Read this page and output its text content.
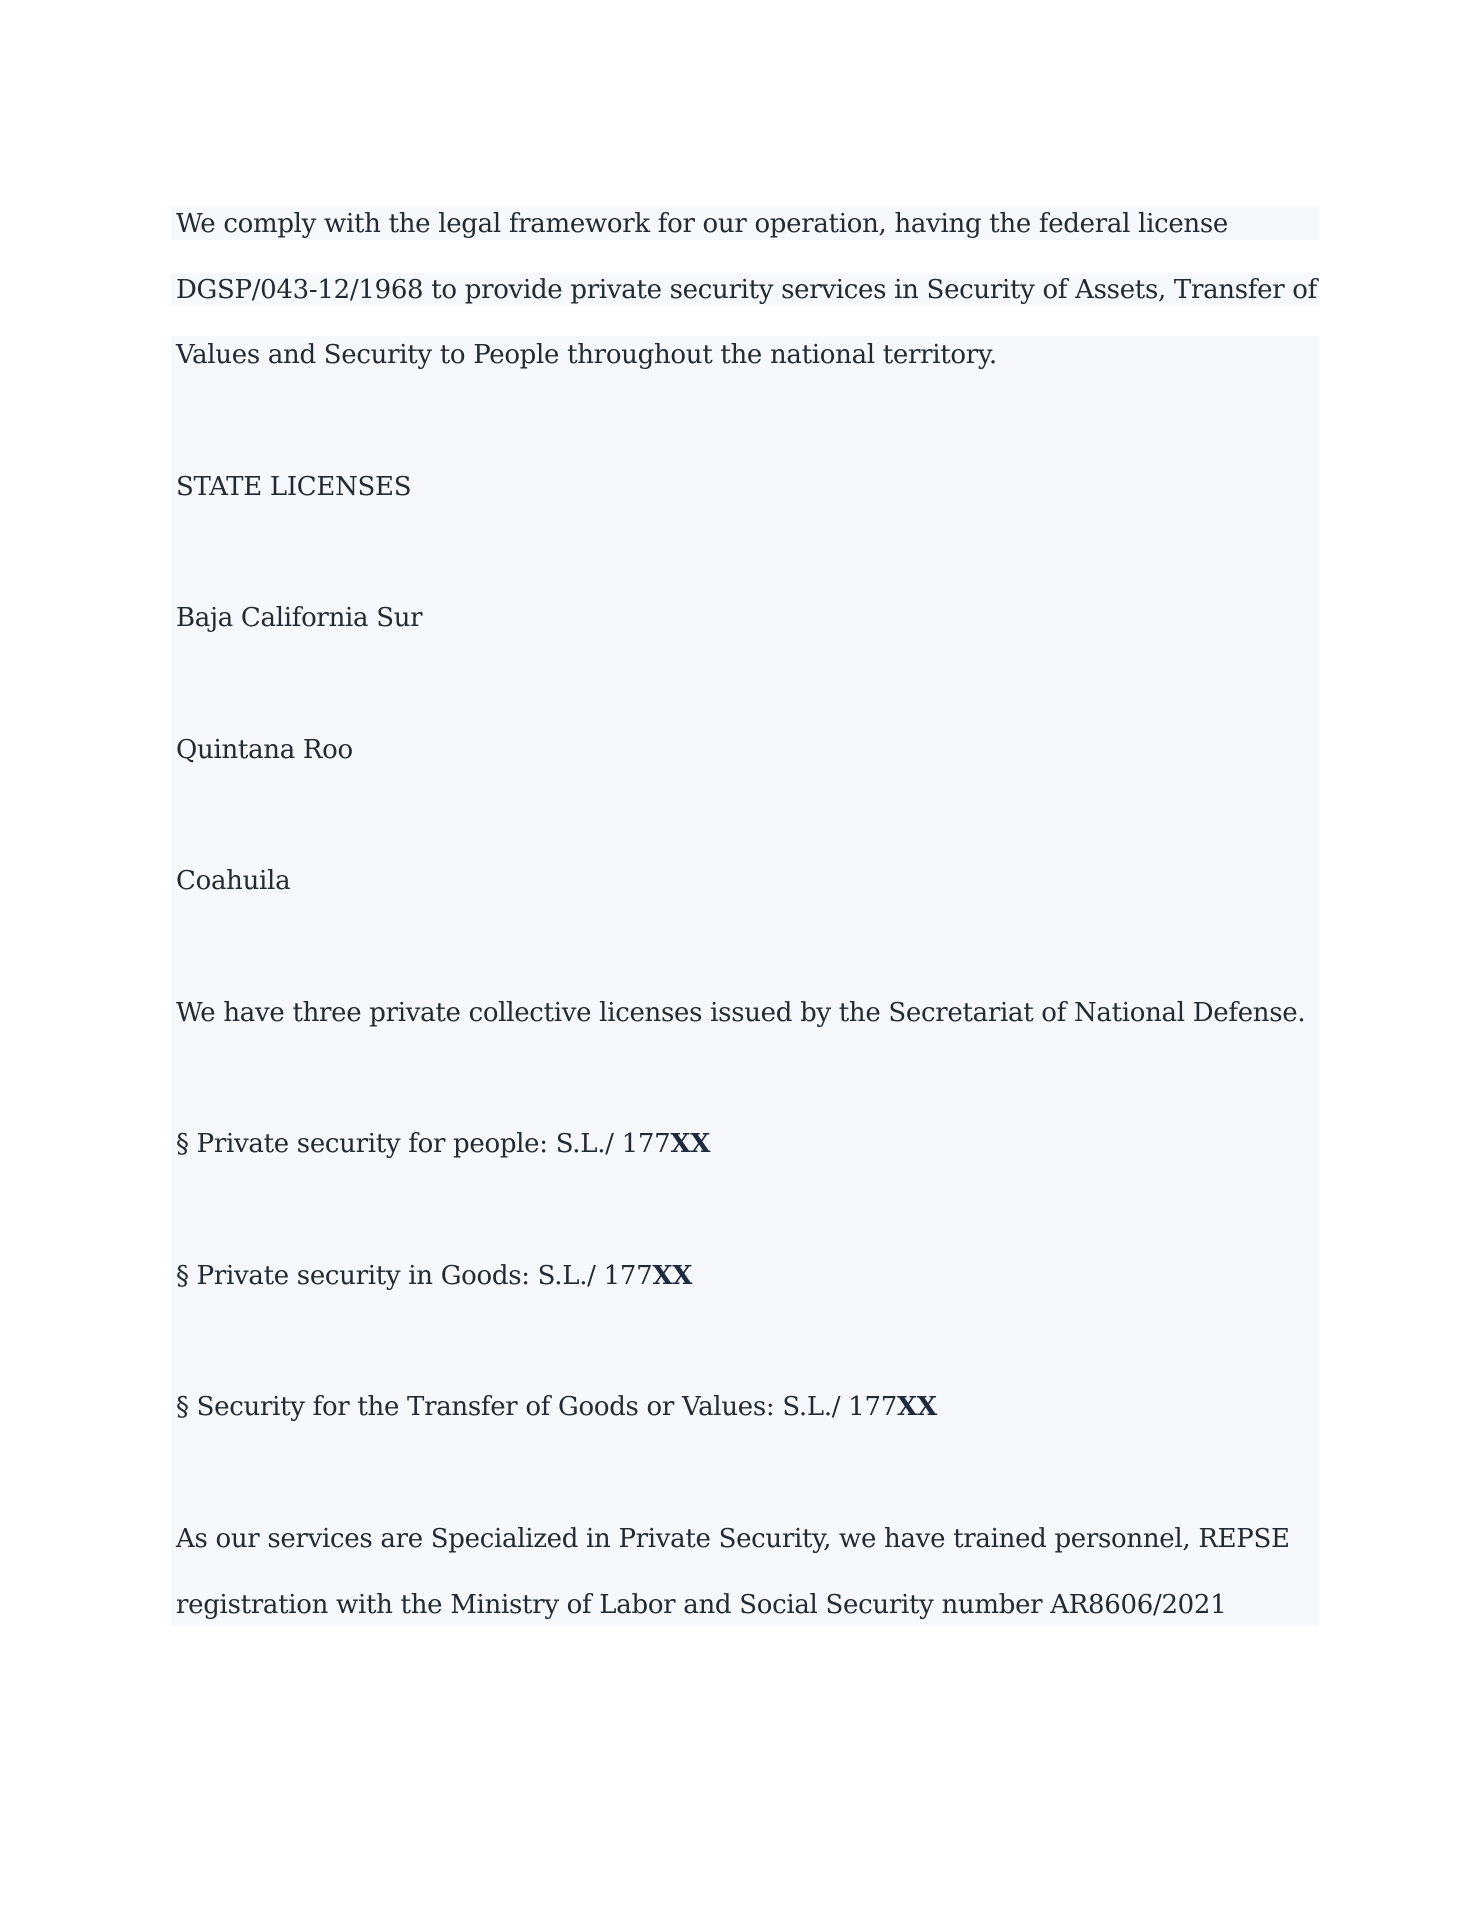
We comply with the legal framework for our operation, having the federal license
DGSP/043-12/1968 to provide private security services in Security of Assets, Transfer of
Values and Security to People throughout the national territory.
STATE LICENSES
Baja California Sur
Quintana Roo
Coahuila
We have three private collective licenses issued by the Secretariat of National Defense.
§ Private security for people: S.L./ 177XX
§ Private security in Goods: S.L./ 177XX
§ Security for the Transfer of Goods or Values: S.L./ 177XX
As our services are Specialized in Private Security, we have trained personnel, REPSE
registration with the Ministry of Labor and Social Security number AR8606/2021
